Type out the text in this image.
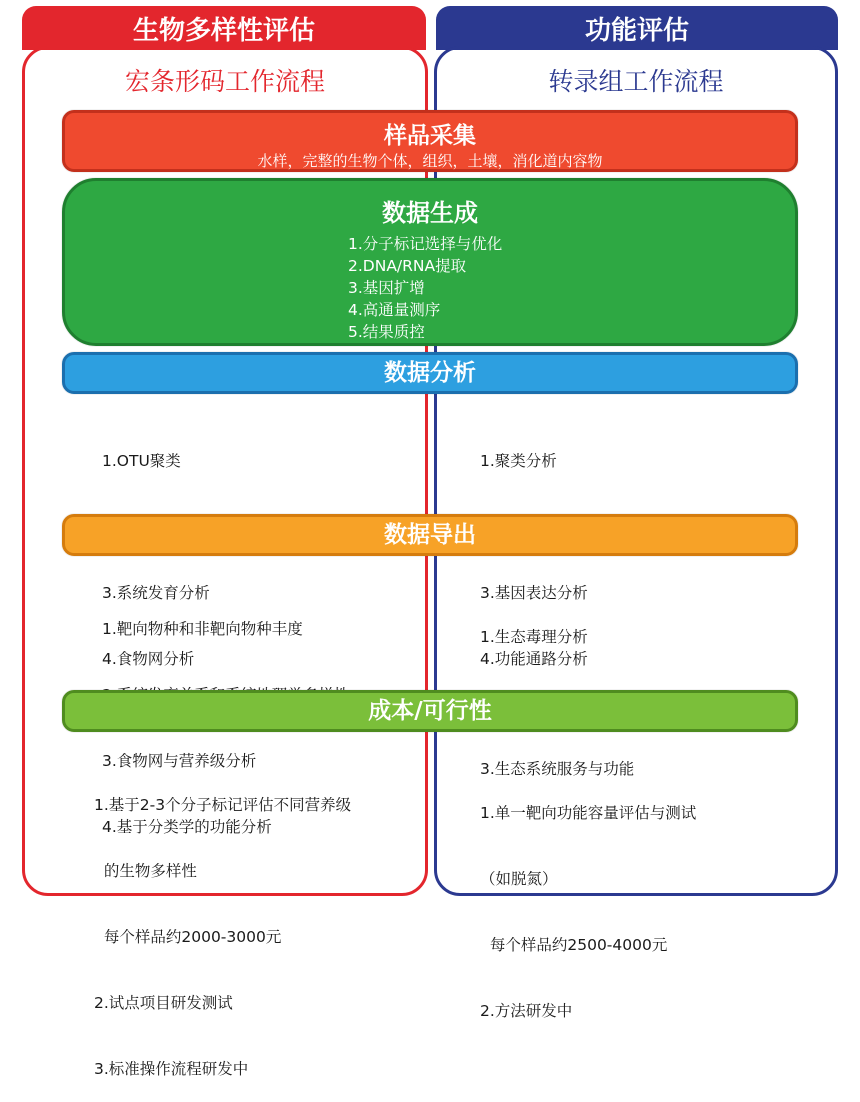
生物多样性评估	功能评估
宏条形码工作流程	转录组工作流程
样品采集
水样，完整的生物个体，组织，土壤，消化道内容物
数据生成
1.分子标记选择与优化
2.DNA/RNA提取
3.基因扩增
4.高通量测序
5.结果质控
数据分析

1.OTU聚类

3.系统发育分析

4.食物网分析

1.聚类分析

3.基因表达分析

4.功能通路分析

数据导出

1.靶向物种和非靶向物种丰度

3.食物网与营养级分析

4.基于分类学的功能分析

1.生态毒理分析

3.生态系统服务与功能

成本/可行性

1.基于2-3个分子标记评估不同营养级

的生物多样性

每个样品约2000-3000元

2.试点项目研发测试

3.标准操作流程研发中

1.单一靶向功能容量评估与测试

（如脱氮）

每个样品约2500-4000元

2.方法研发中
